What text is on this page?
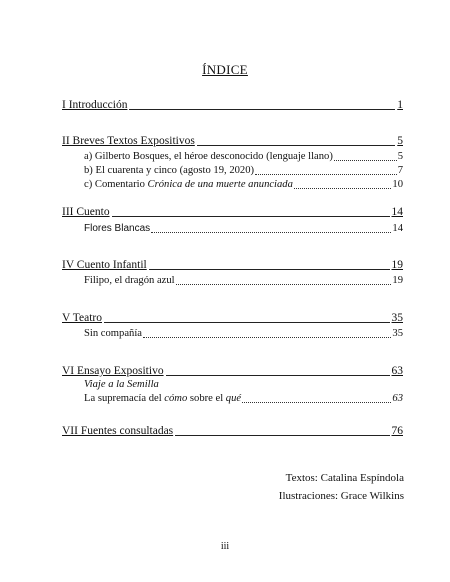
ÍNDICE
I Introducción	1
II Breves Textos Expositivos	5
a) Gilberto Bosques, el héroe desconocido (lenguaje llano)	5
b) El cuarenta y cinco (agosto 19, 2020)	7
c) Comentario Crónica de una muerte anunciada	10
III Cuento	14
Flores Blancas	14
IV Cuento Infantil	19
Filipo, el dragón azul	19
V Teatro	35
Sin compañía	35
VI Ensayo Expositivo	63
Viaje a la Semilla
La supremacía del cómo sobre el qué	63
VII Fuentes consultadas	76
Textos: Catalina Espíndola
Ilustraciones: Grace Wilkins
iii
